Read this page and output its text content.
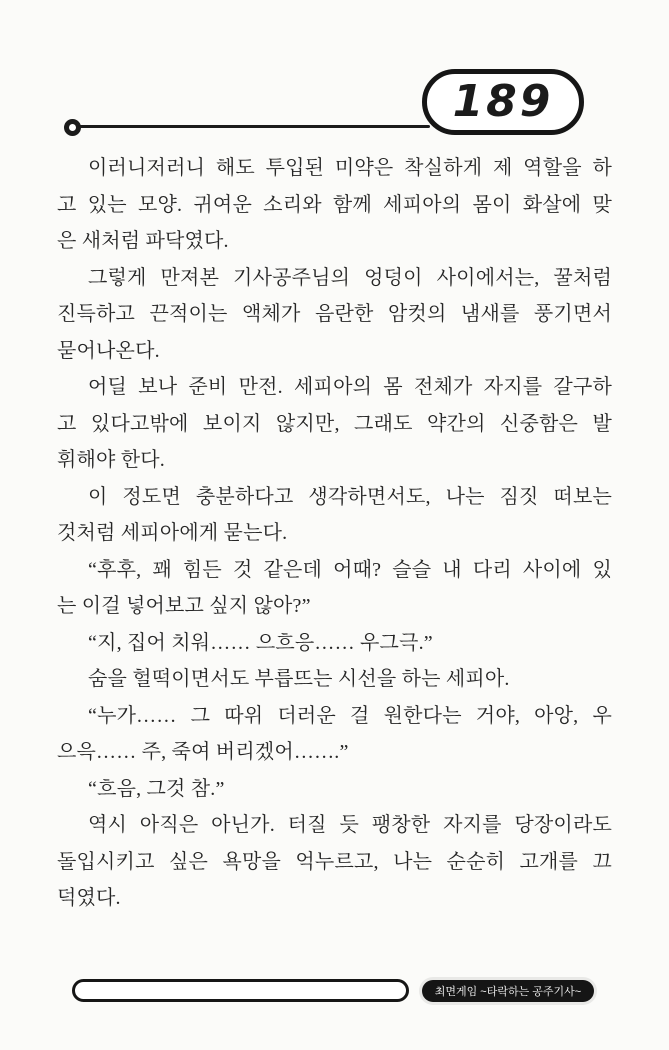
189
이러니저러니 해도 투입된 미약은 착실하게 제 역할을 하
고 있는 모양. 귀여운 소리와 함께 세피아의 몸이 화살에 맞
은 새처럼 파닥였다.
그렇게 만져본 기사공주님의 엉덩이 사이에서는, 꿀처럼
진득하고 끈적이는 액체가 음란한 암컷의 냄새를 풍기면서
묻어나온다.
어딜 보나 준비 만전. 세피아의 몸 전체가 자지를 갈구하
고 있다고밖에 보이지 않지만, 그래도 약간의 신중함은 발
휘해야 한다.
이 정도면 충분하다고 생각하면서도, 나는 짐짓 떠보는
것처럼 세피아에게 묻는다.
“후후, 꽤 힘든 것 같은데 어때? 슬슬 내 다리 사이에 있
는 이걸 넣어보고 싶지 않아?”
“지, 집어 치워…… 으흐응…… 우그극.”
숨을 헐떡이면서도 부릅뜨는 시선을 하는 세피아.
“누가…… 그 따위 더러운 걸 원한다는 거야, 아앙, 우
으윽…… 주, 죽여 버리겠어…….”
“흐음, 그것 참.”
역시 아직은 아닌가. 터질 듯 팽창한 자지를 당장이라도
돌입시키고 싶은 욕망을 억누르고, 나는 순순히 고개를 끄
덕였다.
최면게임 ~타락하는 공주기사~
